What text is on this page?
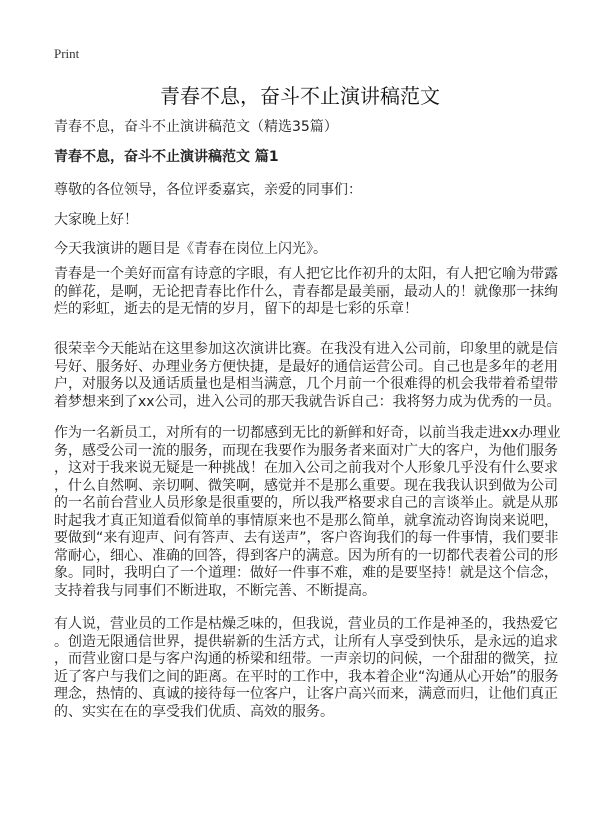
Print
青春不息，奋斗不止演讲稿范文
青春不息，奋斗不止演讲稿范文（精选35篇）
青春不息，奋斗不止演讲稿范文 篇1
尊敬的各位领导，各位评委嘉宾，亲爱的同事们：
大家晚上好！
今天我演讲的题目是《青春在岗位上闪光》。
青春是一个美好而富有诗意的字眼，有人把它比作初升的太阳，有人把它喻为带露
的鲜花，是啊，无论把青春比作什么，青春都是最美丽，最动人的！就像那一抹绚
烂的彩虹，逝去的是无情的岁月，留下的却是七彩的乐章！
很荣幸今天能站在这里参加这次演讲比赛。在我没有进入公司前，印象里的就是信
号好、服务好、办理业务方便快捷，是最好的通信运营公司。自己也是多年的老用
户，对服务以及通话质量也是相当满意，几个月前一个很难得的机会我带着希望带
着梦想来到了xx公司，进入公司的那天我就告诉自己：我将努力成为优秀的一员。
作为一名新员工，对所有的一切都感到无比的新鲜和好奇，以前当我走进xx办理业
务，感受公司一流的服务，而现在我要作为服务者来面对广大的客户，为他们服务
，这对于我来说无疑是一种挑战！在加入公司之前我对个人形象几乎没有什么要求
，什么自然啊、亲切啊、微笑啊，感觉并不是那么重要。现在我我认识到做为公司
的一名前台营业人员形象是很重要的，所以我严格要求自己的言谈举止。就是从那
时起我才真正知道看似简单的事情原来也不是那么简单，就拿流动咨询岗来说吧，
要做到“来有迎声、问有答声、去有送声”，客户咨询我们的每一件事情，我们要非
常耐心，细心、准确的回答，得到客户的满意。因为所有的一切都代表着公司的形
象。同时，我明白了一个道理：做好一件事不难，难的是要坚持！就是这个信念，
支持着我与同事们不断进取，不断完善、不断提高。
有人说，营业员的工作是枯燥乏味的，但我说，营业员的工作是神圣的，我热爱它
。创造无限通信世界，提供崭新的生活方式，让所有人享受到快乐，是永远的追求
，而营业窗口是与客户沟通的桥梁和纽带。一声亲切的问候，一个甜甜的微笑，拉
近了客户与我们之间的距离。在平时的工作中，我本着企业“沟通从心开始”的服务
理念，热情的、真诚的接待每一位客户，让客户高兴而来，满意而归，让他们真正
的、实实在在的享受我们优质、高效的服务。
